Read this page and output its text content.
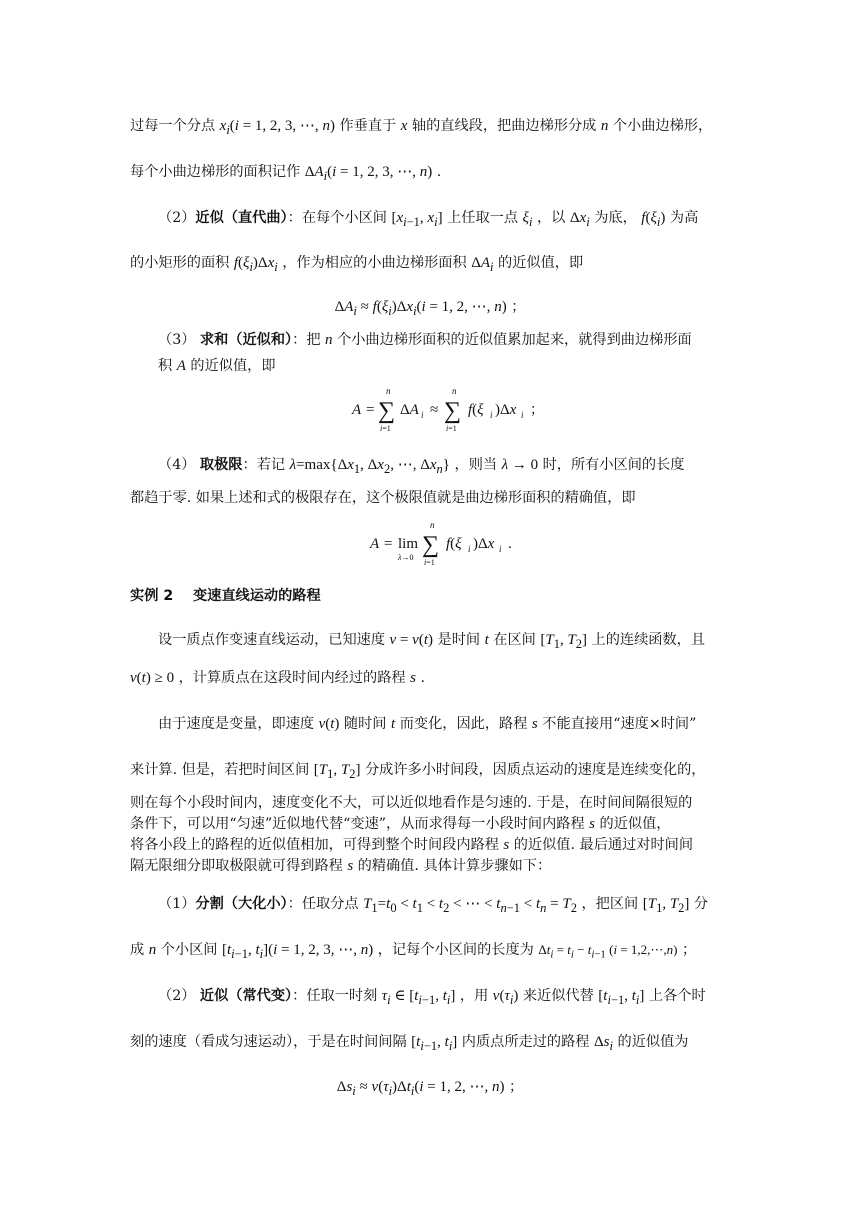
过每一个分点 $x_i(i = 1$, 2, 3, ⋯, n) 作垂直于 x 轴的直线段，把曲边梯形分成 n 个小曲边梯形，
每个小曲边梯形的面积记作 $\Delta A_i(i = 1$, 2, 3, ⋯, n) .
（2）近似（直代曲）：在每个小区间 [$x_{i-1}$, $x_i$] 上任取一点 $\xi_i$ ，以 $\Delta x_i$ 为底， $f(\xi_i)$ 为高
的小矩形的面积 $f(\xi_i)\Delta x_i$ ，作为相应的小曲边梯形面积 $\Delta A_i$ 的近似值，即
$\Delta A_i \approx f(\xi_i)\Delta x_i(i = 1$, 2, ⋯, n) ；
（3） 求和（近似和）：把 n 个小曲边梯形面积的近似值累加起来，就得到曲边梯形面
积 A 的近似值，即
A =
n
∑
i=1
ΔA i ≈
n
∑
i=1
f(ξ i )Δx i ；
（4） 取极限：若记 $\lambda=\max\{\Delta x_1$, $\Delta x_2$, ⋯, $\Delta x_n$} ，则当 λ → 0 时，所有小区间的长度
都趋于零. 如果上述和式的极限存在，这个极限值就是曲边梯形面积的精确值，即
A = lim
λ→0
n
∑
i=1
f(ξ i )Δx i .
实例 2    变速直线运动的路程
设一质点作变速直线运动，已知速度 v = v(t) 是时间 t 在区间 [$T_1$, $T_2$] 上的连续函数，且
v(t) ≥ 0 ，计算质点在这段时间内经过的路程 s .
由于速度是变量，即速度 v(t) 随时间 t 而变化，因此，路程 s 不能直接用“速度×时间”
来计算. 但是，若把时间区间 [$T_1$, $T_2$] 分成许多小时间段，因质点运动的速度是连续变化的，
则在每个小段时间内，速度变化不大，可以近似地看作是匀速的. 于是，在时间间隔很短的
条件下，可以用“匀速”近似地代替“变速”，从而求得每一小段时间内路程 s 的近似值，
将各小段上的路程的近似值相加，可得到整个时间段内路程 s 的近似值. 最后通过对时间间
隔无限细分即取极限就可得到路程 s 的精确值. 具体计算步骤如下：
（1）分割（大化小）：任取分点 $T_1=t_0 < t_1 < t_2$ < ⋯ < $t_{n-1} < t_n = T_2$ ，把区间 [$T_1$, $T_2$] 分
成 n 个小区间 [$t_{i-1}$, $t_i](i = 1$, 2, 3, ⋯, n) ，记每个小区间的长度为 $\Delta t_i = t_i - t_{i-1}$ (i = 1,2,⋯,n) ；
（2） 近似（常代变）：任取一时刻 $\tau_i$ ∈ [$t_{i-1}$, $t_i$] ，用 $v(\tau_i)$ 来近似代替 [$t_{i-1}$, $t_i$] 上各个时
刻的速度（看成匀速运动），于是在时间间隔 [$t_{i-1}$, $t_i$] 内质点所走过的路程 $\Delta s_i$ 的近似值为
$\Delta s_i \approx v(\tau_i)\Delta t_i(i = 1$, 2, ⋯, n) ；
